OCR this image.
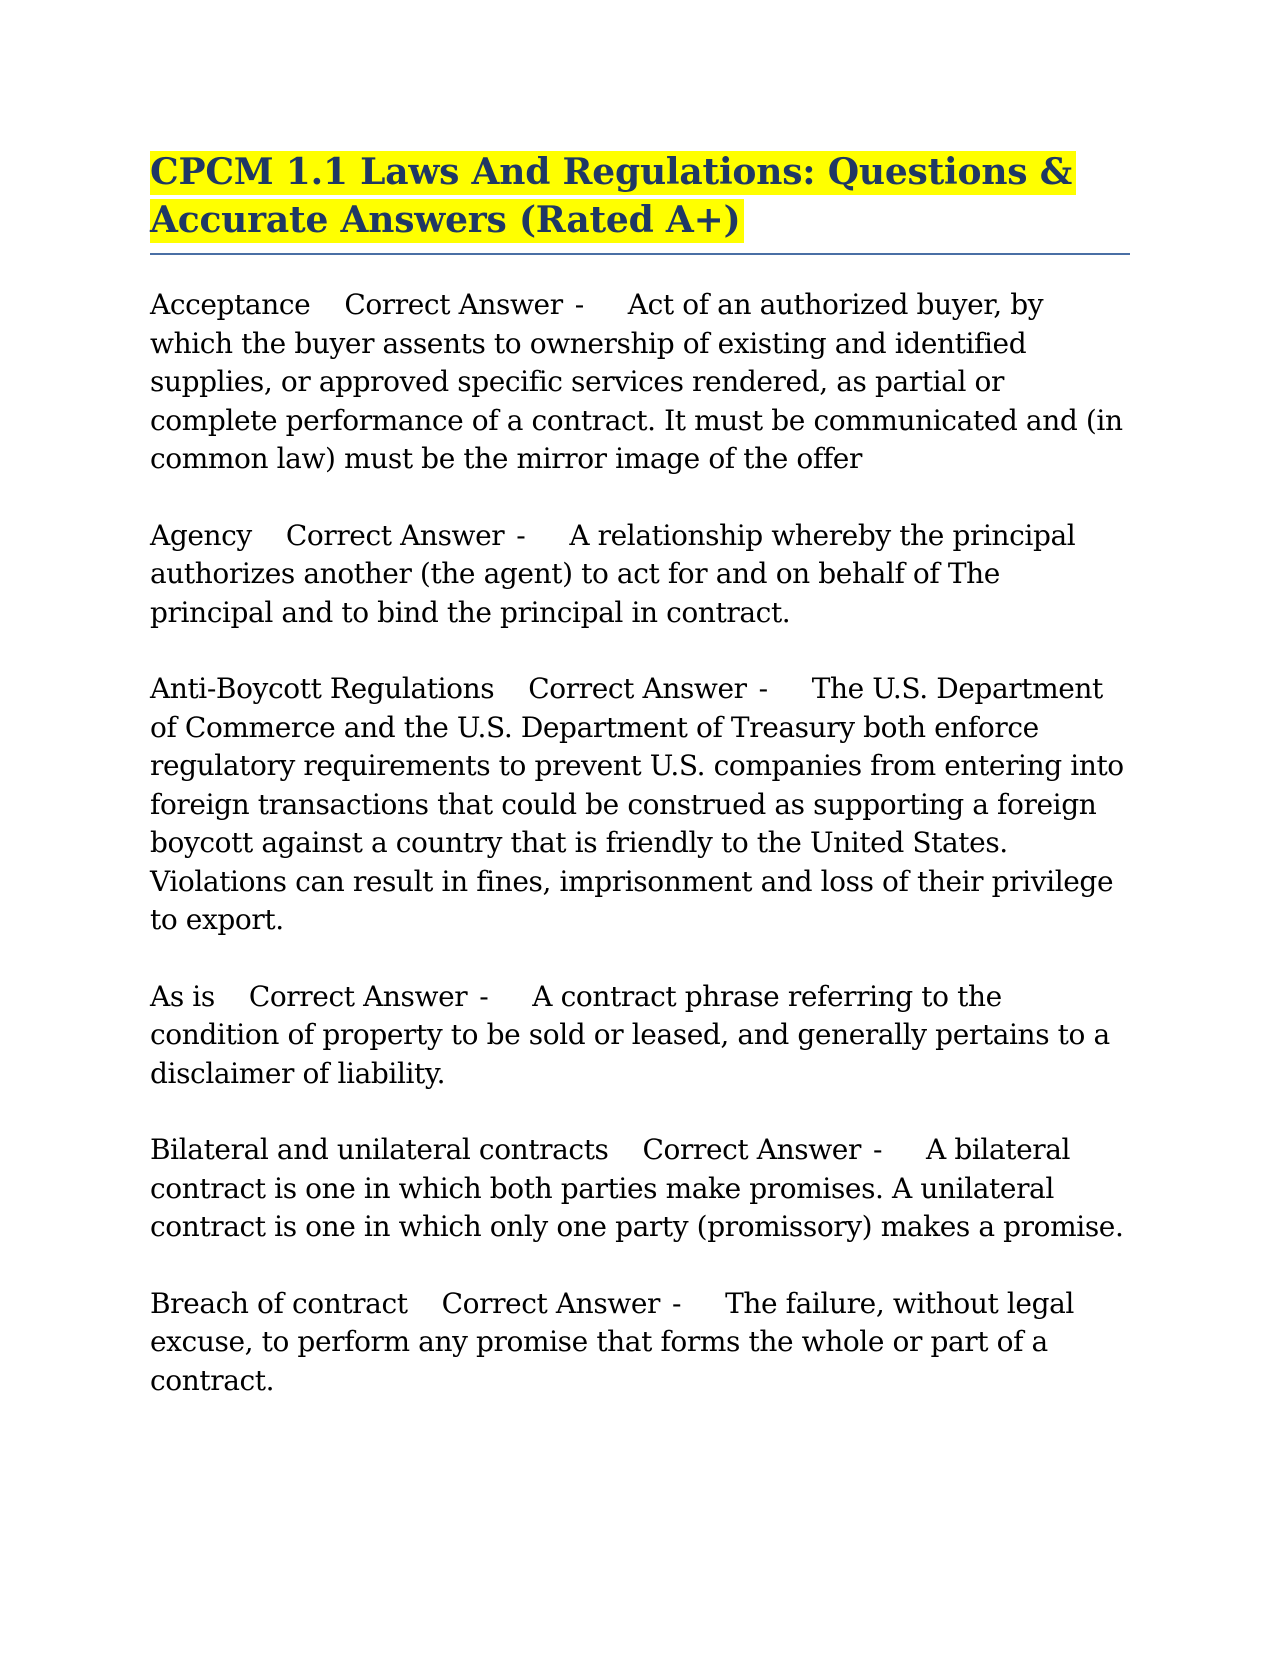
CPCM 1.1 Laws And Regulations: Questions & Accurate Answers (Rated A+)

Acceptance Correct Answer - Act of an authorized buyer, by which the buyer assents to ownership of existing and identified supplies, or approved specific services rendered, as partial or complete performance of a contract. It must be communicated and (in common law) must be the mirror image of the offer

Agency Correct Answer - A relationship whereby the principal authorizes another (the agent) to act for and on behalf of The principal and to bind the principal in contract.

Anti-Boycott Regulations Correct Answer - The U.S. Department of Commerce and the U.S. Department of Treasury both enforce regulatory requirements to prevent U.S. companies from entering into foreign transactions that could be construed as supporting a foreign boycott against a country that is friendly to the United States. Violations can result in fines, imprisonment and loss of their privilege to export.

As is Correct Answer - A contract phrase referring to the condition of property to be sold or leased, and generally pertains to a disclaimer of liability.

Bilateral and unilateral contracts Correct Answer - A bilateral contract is one in which both parties make promises. A unilateral contract is one in which only one party (promissory) makes a promise.

Breach of contract Correct Answer - The failure, without legal excuse, to perform any promise that forms the whole or part of a contract.
